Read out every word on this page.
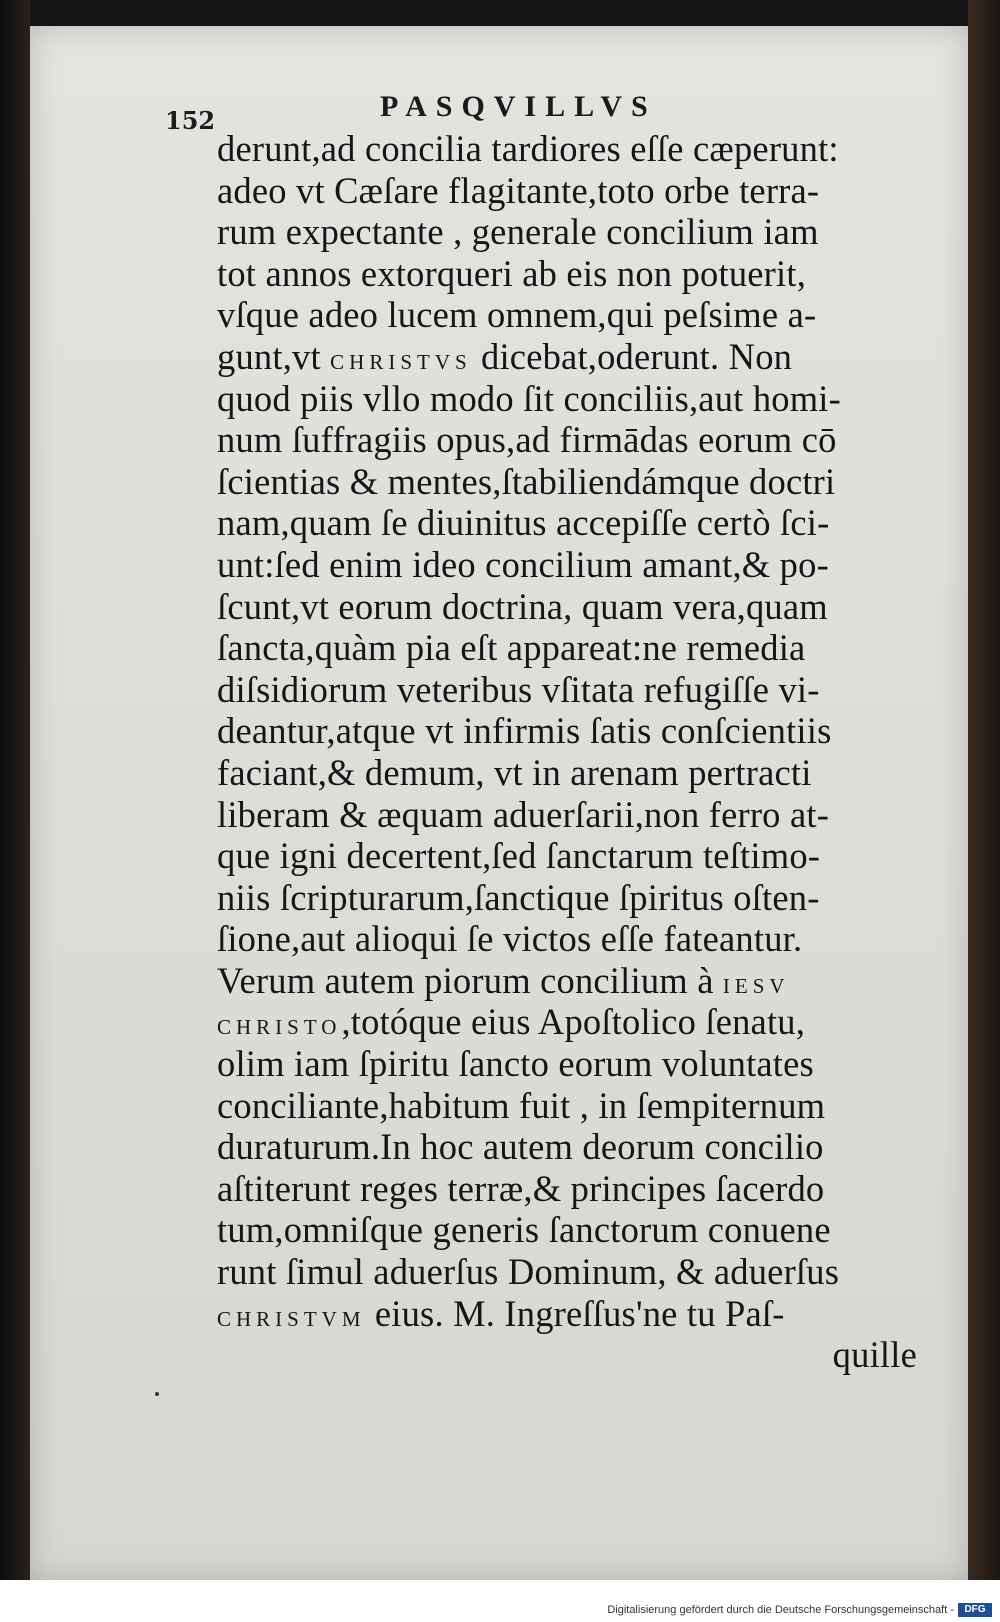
152	PASQVILLVS
derunt,ad concilia tardiores eſſe cæperunt:
adeo vt Cæſare flagitante,toto orbe terra-
rum expectante , generale concilium iam
tot annos extorqueri ab eis non potuerit,
vſque adeo lucem omnem,qui peſsime a-
gunt,vt CHRISTVS dicebat,oderunt. Non
quod piis vllo modo ſit conciliis,aut homi-
num ſuffragiis opus,ad firmādas eorum cō
ſcientias & mentes,ſtabiliendámque doctri
nam,quam ſe diuinitus accepiſſe certò ſci-
unt:ſed enim ideo concilium amant,& po-
ſcunt,vt eorum doctrina, quam vera,quam
ſancta,quàm pia eſt appareat:ne remedia
diſsidiorum veteribus vſitata refugiſſe vi-
deantur,atque vt infirmis ſatis conſcientiis
faciant,& demum, vt in arenam pertracti
liberam & æquam aduerſarii,non ferro at-
que igni decertent,ſed ſanctarum teſtimo-
niis ſcripturarum,ſanctique ſpiritus oſten-
ſione,aut alioqui ſe victos eſſe fateantur.
Verum autem piorum concilium à IESV
CHRISTO,totóque eius Apoſtolico ſenatu,
olim iam ſpiritu ſancto eorum voluntates
conciliante,habitum fuit , in ſempiternum
duraturum.In hoc autem deorum concilio
aſtiterunt reges terræ,& principes ſacerdo
tum,omniſque generis ſanctorum conuene
runt ſimul aduerſus Dominum, & aduerſus
CHRISTVM eius. M. Ingreſſus'ne tu Paſ-
quille
Digitalisierung gefördert durch die Deutsche Forschungsgemeinschaft -	DFG
